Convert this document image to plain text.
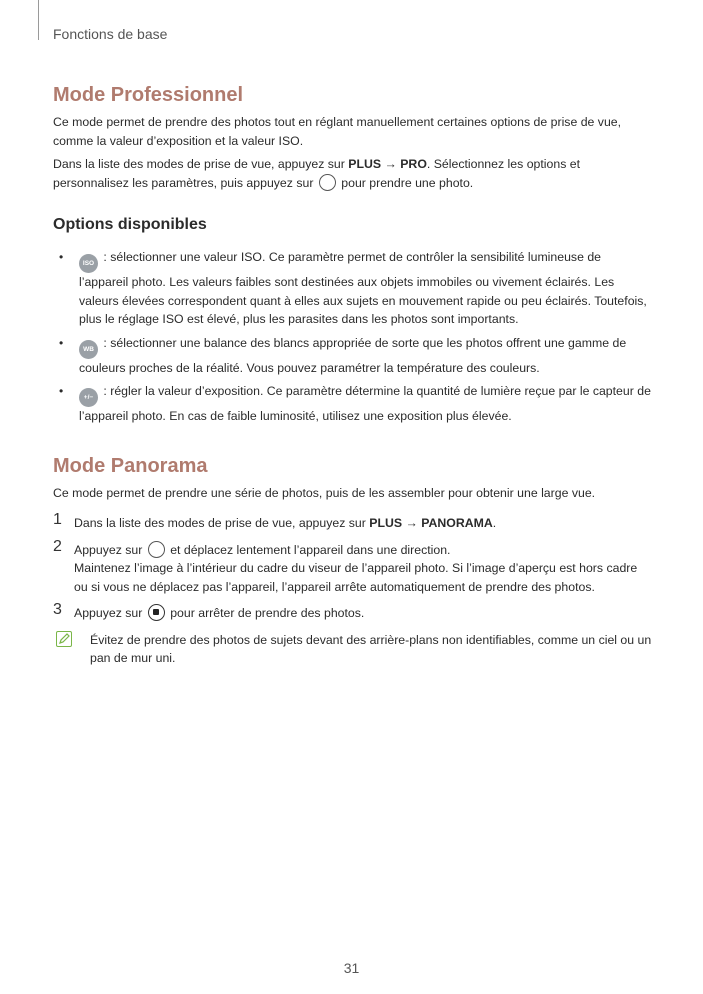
Fonctions de base
Mode Professionnel

Ce mode permet de prendre des photos tout en réglant manuellement certaines options de prise de vue, comme la valeur d’exposition et la valeur ISO.

Dans la liste des modes de prise de vue, appuyez sur PLUS → PRO. Sélectionnez les options et personnalisez les paramètres, puis appuyez sur  pour prendre une photo.

Options disponibles
•	ISO : sélectionner une valeur ISO. Ce paramètre permet de contrôler la sensibilité lumineuse de l’appareil photo. Les valeurs faibles sont destinées aux objets immobiles ou vivement éclairés. Les valeurs élevées correspondent quant à elles aux sujets en mouvement rapide ou peu éclairés. Toutefois, plus le réglage ISO est élevé, plus les parasites dans les photos sont importants.
•	WB : sélectionner une balance des blancs appropriée de sorte que les photos offrent une gamme de couleurs proches de la réalité. Vous pouvez paramétrer la température des couleurs.
•	+/− : régler la valeur d’exposition. Ce paramètre détermine la quantité de lumière reçue par le capteur de l’appareil photo. En cas de faible luminosité, utilisez une exposition plus élevée.
Mode Panorama

Ce mode permet de prendre une série de photos, puis de les assembler pour obtenir une large vue.

1 Dans la liste des modes de prise de vue, appuyez sur PLUS → PANORAMA.
2 Appuyez sur  et déplacez lentement l’appareil dans une direction.
Maintenez l’image à l’intérieur du cadre du viseur de l’appareil photo. Si l’image d’aperçu est hors cadre ou si vous ne déplacez pas l’appareil, l’appareil arrête automatiquement de prendre des photos.
3 Appuyez sur  pour arrêter de prendre des photos.
Évitez de prendre des photos de sujets devant des arrière-plans non identifiables, comme un ciel ou un pan de mur uni.
31
